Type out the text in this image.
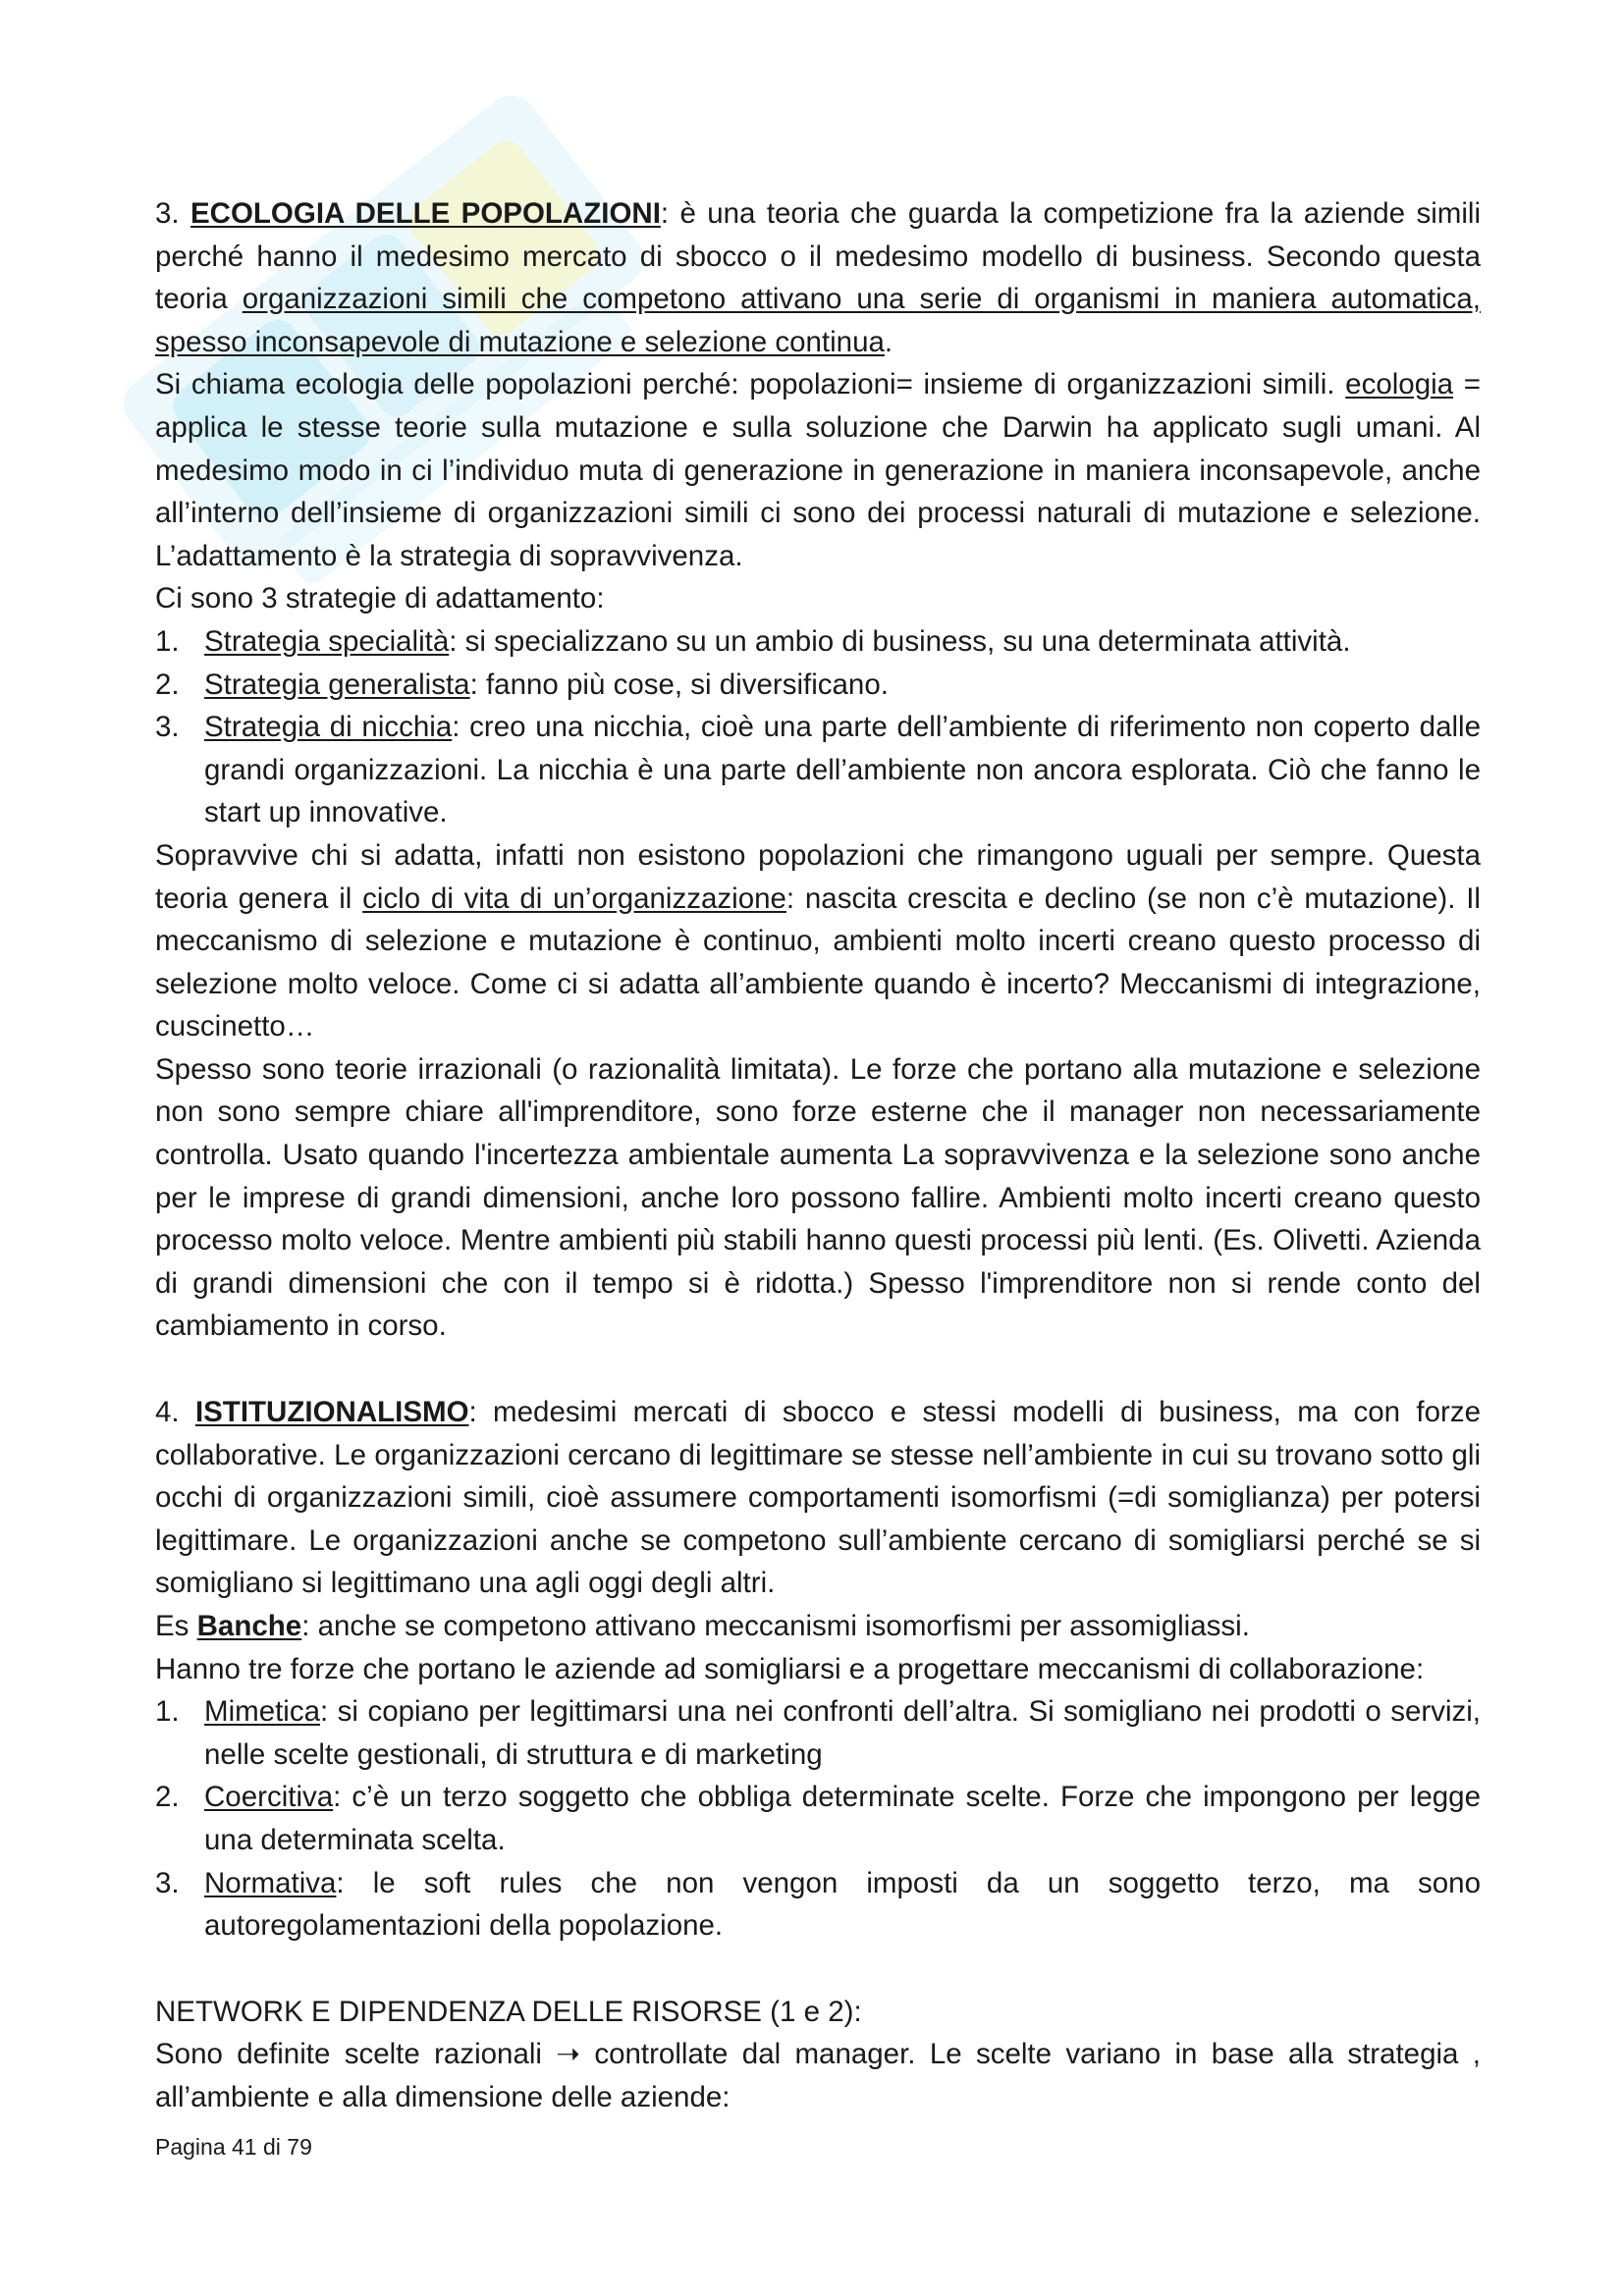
3. ECOLOGIA DELLE POPOLAZIONI: è una teoria che guarda la competizione fra la aziende simili perché hanno il medesimo mercato di sbocco o il medesimo modello di business. Secondo questa teoria organizzazioni simili che competono attivano una serie di organismi in maniera automatica, spesso inconsapevole di mutazione e selezione continua.

Si chiama ecologia delle popolazioni perché: popolazioni= insieme di organizzazioni simili. ecologia = applica le stesse teorie sulla mutazione e sulla soluzione che Darwin ha applicato sugli umani. Al medesimo modo in ci l’individuo muta di generazione in generazione in maniera inconsapevole, anche all’interno dell’insieme di organizzazioni simili ci sono dei processi naturali di mutazione e selezione. L’adattamento è la strategia di sopravvivenza.

Ci sono 3 strategie di adattamento:

1. Strategia specialità: si specializzano su un ambio di business, su una determinata attività.
2. Strategia generalista: fanno più cose, si diversificano.
3. Strategia di nicchia: creo una nicchia, cioè una parte dell’ambiente di riferimento non coperto dalle grandi organizzazioni. La nicchia è una parte dell’ambiente non ancora esplorata. Ciò che fanno le start up innovative.

Sopravvive chi si adatta, infatti non esistono popolazioni che rimangono uguali per sempre. Questa teoria genera il ciclo di vita di un’organizzazione: nascita crescita e declino (se non c’è mutazione). Il meccanismo di selezione e mutazione è continuo, ambienti molto incerti creano questo processo di selezione molto veloce. Come ci si adatta all’ambiente quando è incerto? Meccanismi di integrazione, cuscinetto…

Spesso sono teorie irrazionali (o razionalità limitata). Le forze che portano alla mutazione e selezione non sono sempre chiare all'imprenditore, sono forze esterne che il manager non necessariamente controlla. Usato quando l'incertezza ambientale aumenta La sopravvivenza e la selezione sono anche per le imprese di grandi dimensioni, anche loro possono fallire. Ambienti molto incerti creano questo processo molto veloce. Mentre ambienti più stabili hanno questi processi più lenti. (Es. Olivetti. Azienda di grandi dimensioni che con il tempo si è ridotta.) Spesso l'imprenditore non si rende conto del cambiamento in corso.

4. ISTITUZIONALISMO: medesimi mercati di sbocco e stessi modelli di business, ma con forze collaborative. Le organizzazioni cercano di legittimare se stesse nell’ambiente in cui su trovano sotto gli occhi di organizzazioni simili, cioè assumere comportamenti isomorfismi (=di somiglianza) per potersi legittimare. Le organizzazioni anche se competono sull’ambiente cercano di somigliarsi perché se si somigliano si legittimano una agli oggi degli altri.

Es Banche: anche se competono attivano meccanismi isomorfismi per assomigliassi.

Hanno tre forze che portano le aziende ad somigliarsi e a progettare meccanismi di collaborazione:

1. Mimetica: si copiano per legittimarsi una nei confronti dell’altra. Si somigliano nei prodotti o servizi, nelle scelte gestionali, di struttura e di marketing
2. Coercitiva: c’è un terzo soggetto che obbliga determinate scelte. Forze che impongono per legge una determinata scelta.
3. Normativa: le soft rules che non vengon imposti da un soggetto terzo, ma sono autoregolamentazioni della popolazione.

NETWORK E DIPENDENZA DELLE RISORSE (1 e 2):

Sono definite scelte razionali ➝ controllate dal manager. Le scelte variano in base alla strategia , all’ambiente e alla dimensione delle aziende:

Pagina 41 di 79
